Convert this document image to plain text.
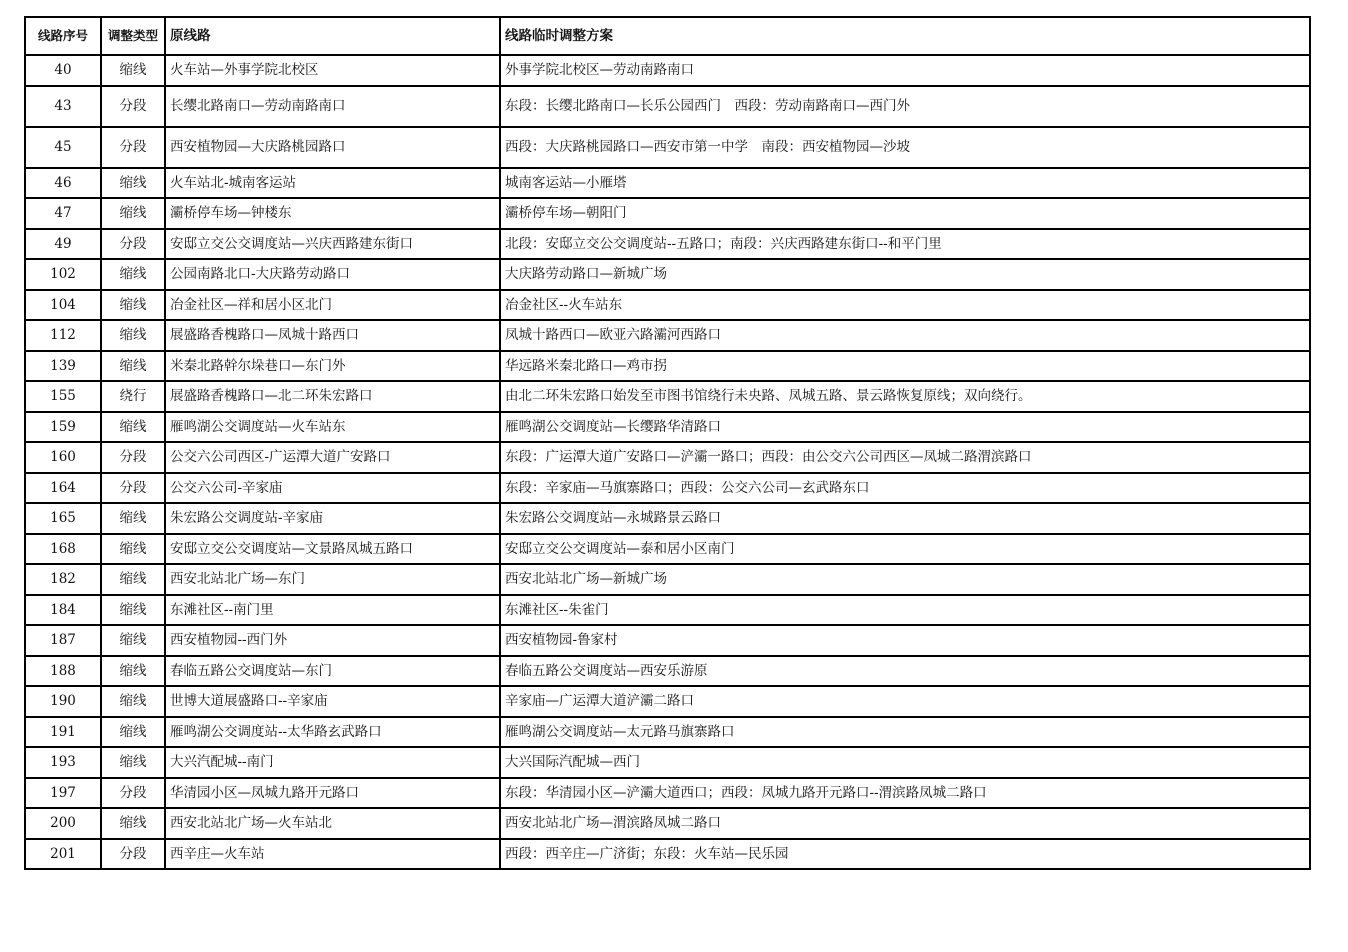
线路序号	调整类型	原线路	线路临时调整方案
40	缩线	火车站—外事学院北校区	外事学院北校区—劳动南路南口
43	分段	长缨北路南口—劳动南路南口	东段：长缨北路南口—长乐公园西门　西段：劳动南路南口—西门外
45	分段	西安植物园—大庆路桃园路口	西段：大庆路桃园路口—西安市第一中学　南段：西安植物园—沙坡
46	缩线	火车站北-城南客运站	城南客运站—小雁塔
47	缩线	灞桥停车场—钟楼东	灞桥停车场—朝阳门
49	分段	安邸立交公交调度站—兴庆西路建东街口	北段：安邸立交公交调度站--五路口；南段：兴庆西路建东街口--和平门里
102	缩线	公园南路北口-大庆路劳动路口	大庆路劳动路口—新城广场
104	缩线	冶金社区—祥和居小区北门	冶金社区--火车站东
112	缩线	展盛路香槐路口—凤城十路西口	凤城十路西口—欧亚六路灞河西路口
139	缩线	米秦北路幹尔垛巷口—东门外	华远路米秦北路口—鸡市拐
155	绕行	展盛路香槐路口—北二环朱宏路口	由北二环朱宏路口始发至市图书馆绕行未央路、凤城五路、景云路恢复原线；双向绕行。
159	缩线	雁鸣湖公交调度站—火车站东	雁鸣湖公交调度站—长缨路华清路口
160	分段	公交六公司西区-广运潭大道广安路口	东段：广运潭大道广安路口—浐灞一路口；西段：由公交六公司西区—凤城二路渭滨路口
164	分段	公交六公司-辛家庙	东段：辛家庙—马旗寨路口；西段：公交六公司—玄武路东口
165	缩线	朱宏路公交调度站-辛家庙	朱宏路公交调度站—永城路景云路口
168	缩线	安邸立交公交调度站—文景路凤城五路口	安邸立交公交调度站—泰和居小区南门
182	缩线	西安北站北广场—东门	西安北站北广场—新城广场
184	缩线	东滩社区--南门里	东滩社区--朱雀门
187	缩线	西安植物园--西门外	西安植物园-鲁家村
188	缩线	春临五路公交调度站—东门	春临五路公交调度站—西安乐游原
190	缩线	世博大道展盛路口--辛家庙	辛家庙—广运潭大道浐灞二路口
191	缩线	雁鸣湖公交调度站--太华路玄武路口	雁鸣湖公交调度站—太元路马旗寨路口
193	缩线	大兴汽配城--南门	大兴国际汽配城—西门
197	分段	华清园小区—凤城九路开元路口	东段：华清园小区—浐灞大道西口；西段：凤城九路开元路口--渭滨路凤城二路口
200	缩线	西安北站北广场—火车站北	西安北站北广场—渭滨路凤城二路口
201	分段	西辛庄—火车站	西段：西辛庄—广济街；东段：火车站—民乐园
